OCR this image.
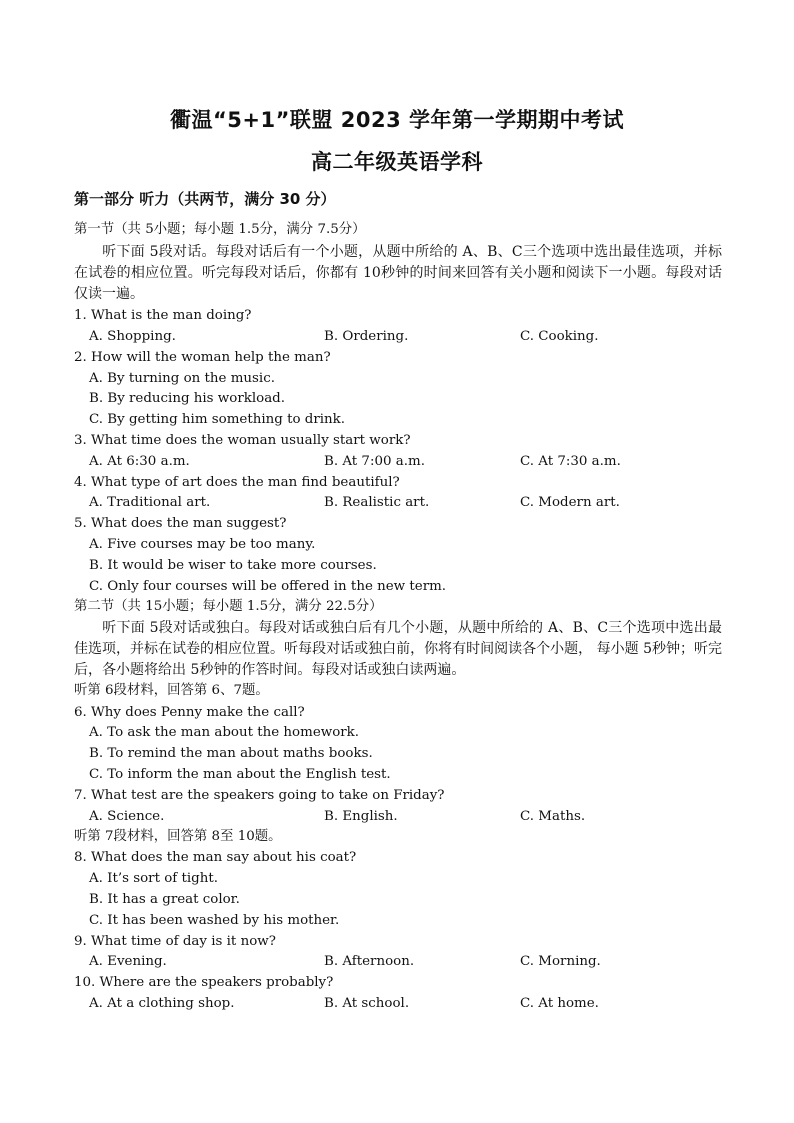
衢温“5+1”联盟 2023 学年第一学期期中考试
高二年级英语学科
第一部分 听力（共两节，满分 30 分）
第一节（共 5小题；每小题 1.5分，满分 7.5分）
听下面 5段对话。每段对话后有一个小题，从题中所给的 A、B、C三个选项中选出最佳选项，并标在试卷的相应位置。听完每段对话后，你都有 10秒钟的时间来回答有关小题和阅读下一小题。每段对话仅读一遍。
1. What is the man doing?
A. Shopping.	B. Ordering.	C. Cooking.
2. How will the woman help the man?
A. By turning on the music.
B. By reducing his workload.
C. By getting him something to drink.
3. What time does the woman usually start work?
A. At 6:30 a.m.	B. At 7:00 a.m.	C. At 7:30 a.m.
4. What type of art does the man find beautiful?
A. Traditional art.	B. Realistic art.	C. Modern art.
5. What does the man suggest?
A. Five courses may be too many.
B. It would be wiser to take more courses.
C. Only four courses will be offered in the new term.
第二节（共 15小题；每小题 1.5分，满分 22.5分）
听下面 5段对话或独白。每段对话或独白后有几个小题，从题中所给的 A、B、C三个选项中选出最佳选项，并标在试卷的相应位置。听每段对话或独白前，你将有时间阅读各个小题， 每小题 5秒钟；听完后，各小题将给出 5秒钟的作答时间。每段对话或独白读两遍。
听第 6段材料，回答第 6、7题。
6. Why does Penny make the call?
A. To ask the man about the homework.
B. To remind the man about maths books.
C. To inform the man about the English test.
7. What test are the speakers going to take on Friday?
A. Science.	B. English.	C. Maths.
听第 7段材料，回答第 8至 10题。
8. What does the man say about his coat?
A. It’s sort of tight.
B. It has a great color.
C. It has been washed by his mother.
9. What time of day is it now?
A. Evening.	B. Afternoon.	C. Morning.
10. Where are the speakers probably?
A. At a clothing shop.	B. At school.	C. At home.
